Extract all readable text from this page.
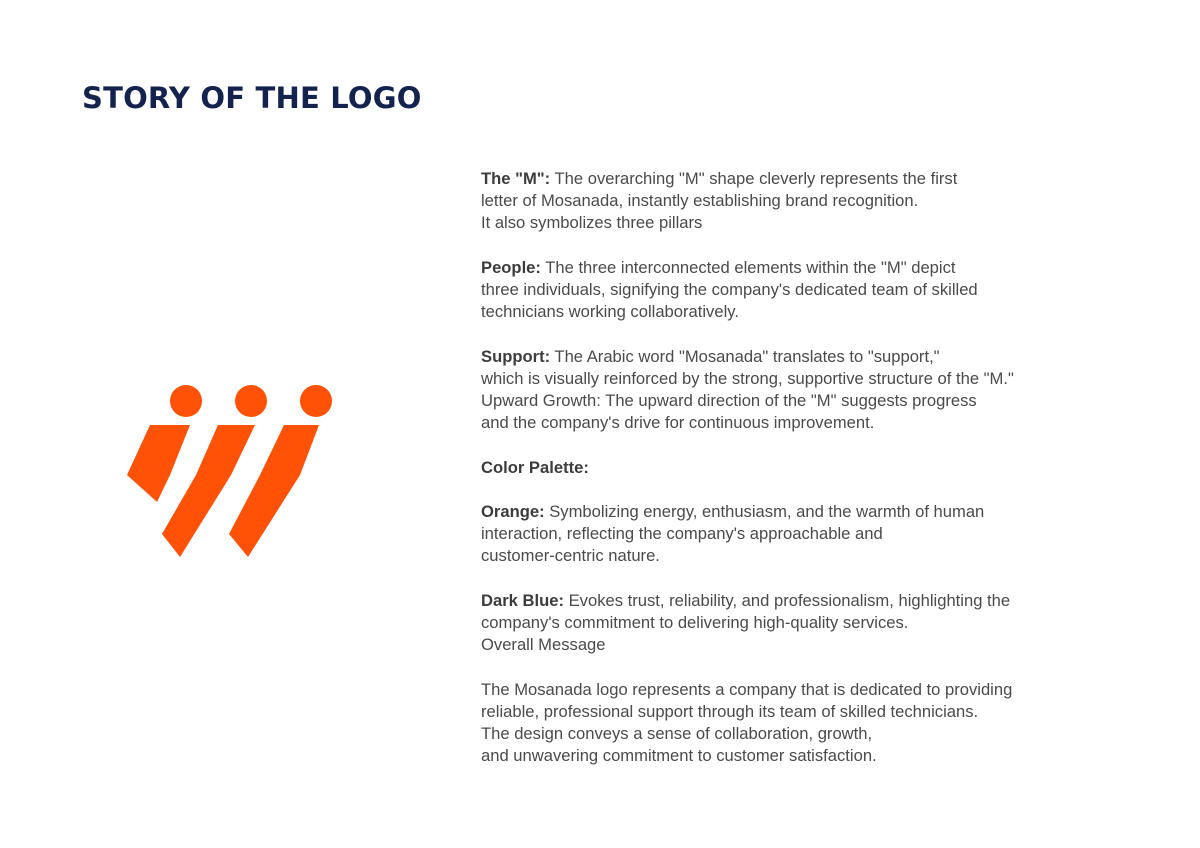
STORY OF THE LOGO

The "M": The overarching "M" shape cleverly represents the first
letter of Mosanada, instantly establishing brand recognition.
It also symbolizes three pillars

People: The three interconnected elements within the "M" depict
three individuals, signifying the company's dedicated team of skilled
technicians working collaboratively.

Support: The Arabic word "Mosanada" translates to "support,"
which is visually reinforced by the strong, supportive structure of the "M."
Upward Growth: The upward direction of the "M" suggests progress
and the company's drive for continuous improvement.

Color Palette:

Orange: Symbolizing energy, enthusiasm, and the warmth of human
interaction, reflecting the company's approachable and
customer-centric nature.

Dark Blue: Evokes trust, reliability, and professionalism, highlighting the
company's commitment to delivering high-quality services.
Overall Message

The Mosanada logo represents a company that is dedicated to providing
reliable, professional support through its team of skilled technicians.
The design conveys a sense of collaboration, growth,
and unwavering commitment to customer satisfaction.
